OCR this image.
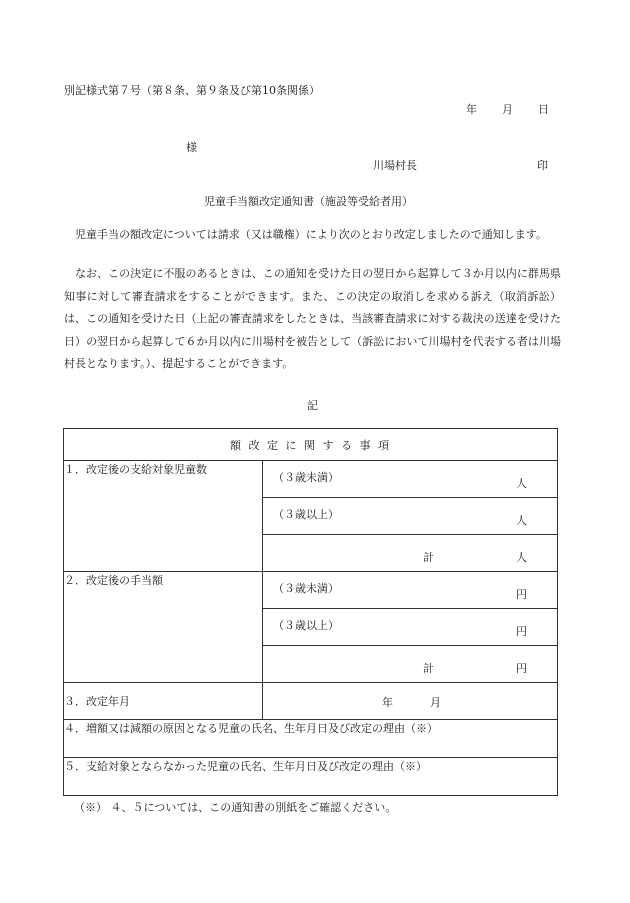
別記様式第７号（第８条、第９条及び第10条関係）
年 月 日
様
川場村長	印
児童手当額改定通知書（施設等受給者用）
児童手当の額改定については請求（又は職権）により次のとおり改定しましたので通知します。
なお、この決定に不服のあるときは、この通知を受けた日の翌日から起算して３か月以内に群馬県知事に対して審査請求をすることができます。また、この決定の取消しを求める訴え（取消訴訟）は、この通知を受けた日（上記の審査請求をしたときは、当該審査請求に対する裁決の送達を受けた日）の翌日から起算して６か月以内に川場村を被告として（訴訟において川場村を代表する者は川場村長となります。）、提起することができます。
記
額 改 定 に 関 す る 事 項	
１．改定後の支給対象児童数	（３歳未満） 人

	（３歳以上） 人

	計 人

２．改定後の手当額	（３歳未満） 円

	（３歳以上） 円

	計 円

３．改定年月	年 月

４．増額又は減額の原因となる児童の氏名、生年月日及び改定の理由（※）	
５．支給対象とならなかった児童の氏名、生年月日及び改定の理由（※）	
（※） ４、５については、この通知書の別紙をご確認ください。
